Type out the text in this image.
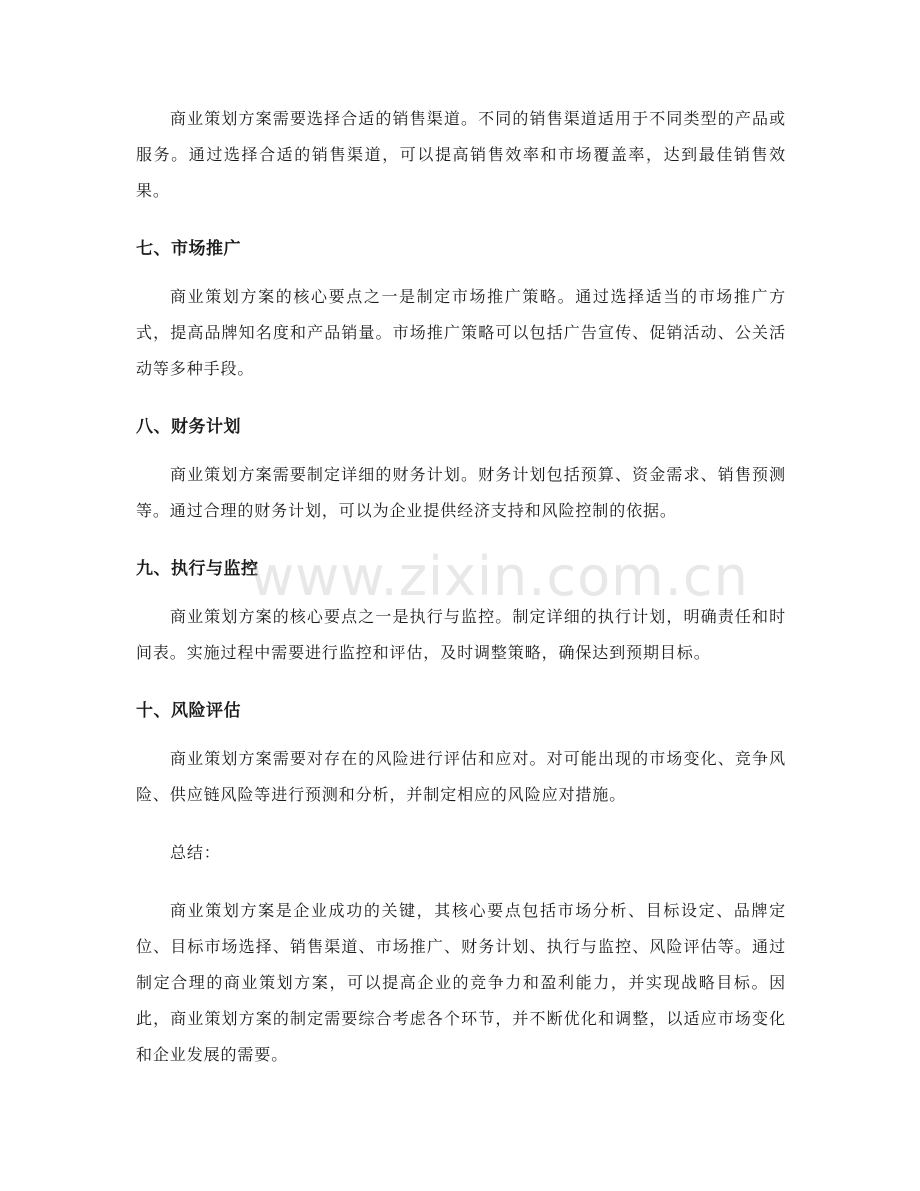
商业策划方案需要选择合适的销售渠道。不同的销售渠道适用于不同类型的产品或服务。通过选择合适的销售渠道，可以提高销售效率和市场覆盖率，达到最佳销售效果。

七、市场推广

商业策划方案的核心要点之一是制定市场推广策略。通过选择适当的市场推广方式，提高品牌知名度和产品销量。市场推广策略可以包括广告宣传、促销活动、公关活动等多种手段。

八、财务计划

商业策划方案需要制定详细的财务计划。财务计划包括预算、资金需求、销售预测等。通过合理的财务计划，可以为企业提供经济支持和风险控制的依据。

九、执行与监控

商业策划方案的核心要点之一是执行与监控。制定详细的执行计划，明确责任和时间表。实施过程中需要进行监控和评估，及时调整策略，确保达到预期目标。

十、风险评估

商业策划方案需要对存在的风险进行评估和应对。对可能出现的市场变化、竞争风险、供应链风险等进行预测和分析，并制定相应的风险应对措施。

总结：

商业策划方案是企业成功的关键，其核心要点包括市场分析、目标设定、品牌定位、目标市场选择、销售渠道、市场推广、财务计划、执行与监控、风险评估等。通过制定合理的商业策划方案，可以提高企业的竞争力和盈利能力，并实现战略目标。因此，商业策划方案的制定需要综合考虑各个环节，并不断优化和调整，以适应市场变化和企业发展的需要。

www.zixin.com.cn
